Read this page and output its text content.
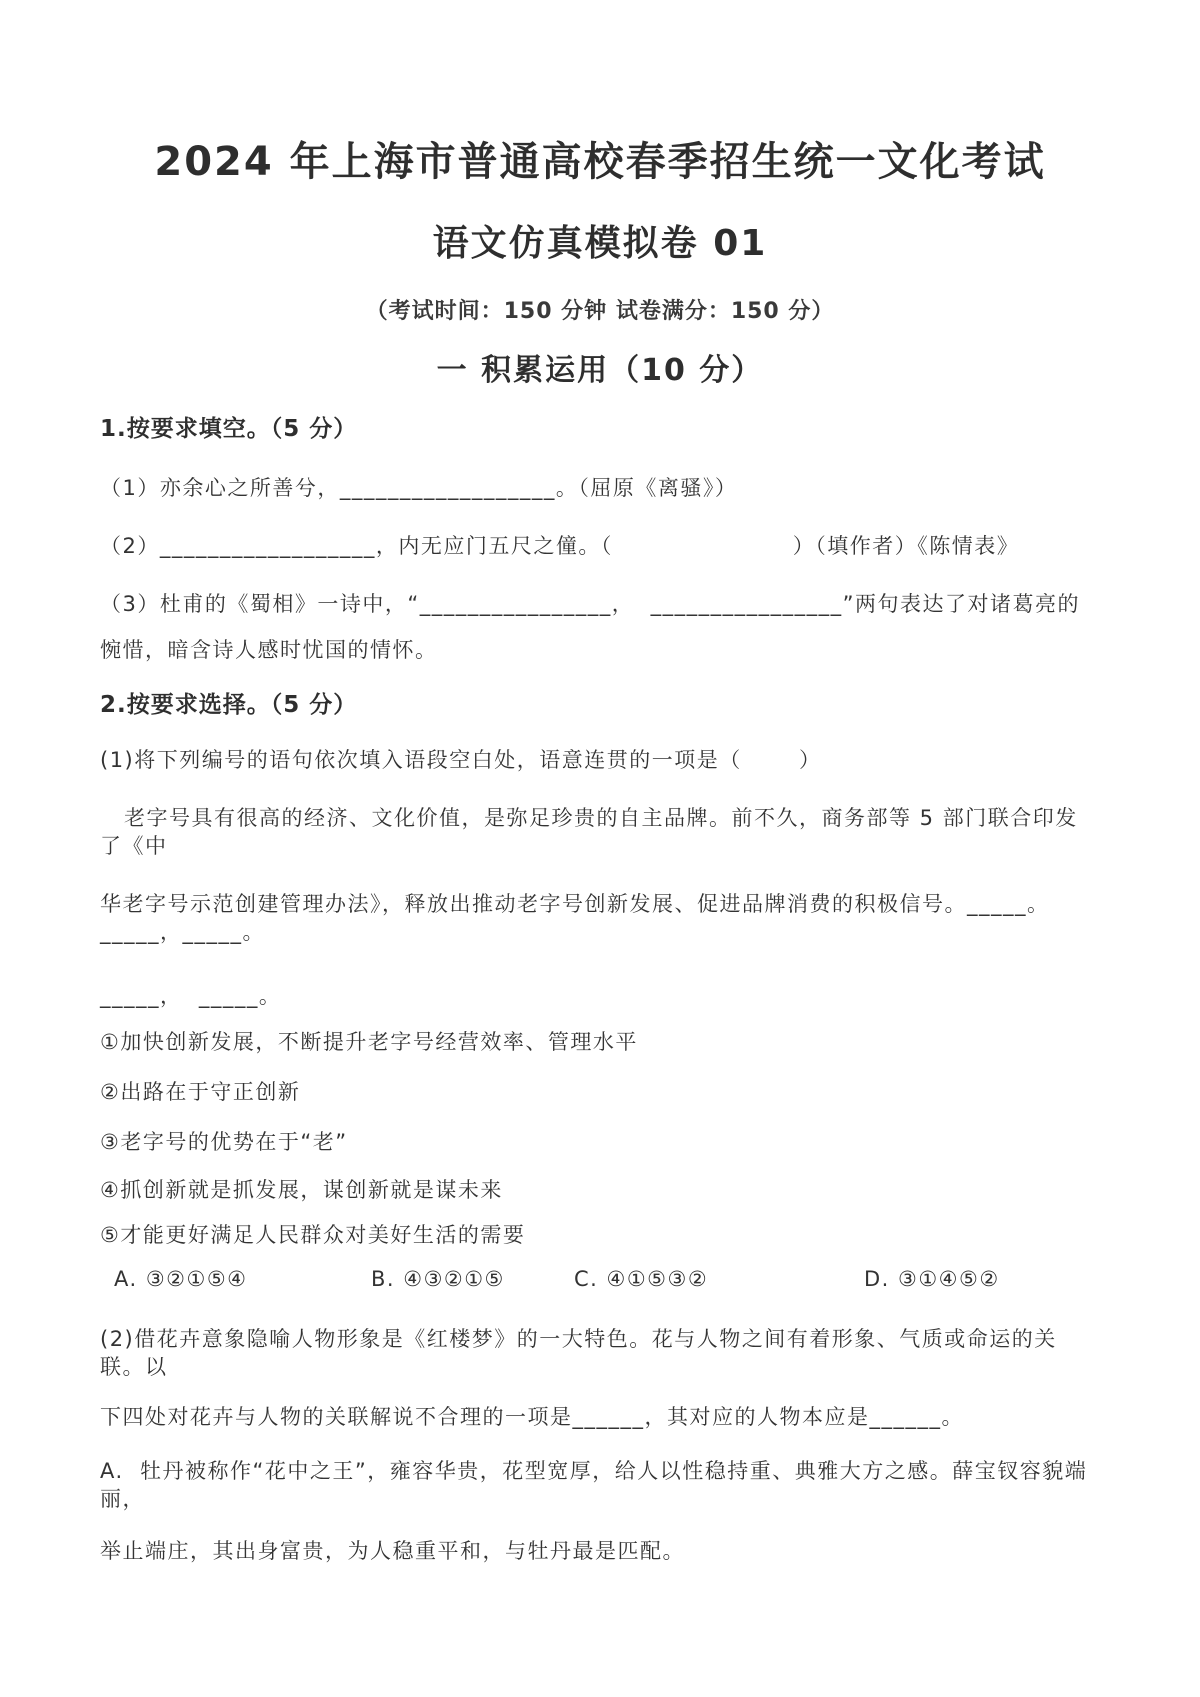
2024 年上海市普通高校春季招生统一文化考试
语文仿真模拟卷 01
（考试时间：150 分钟 试卷满分：150 分）
一 积累运用（10 分）
1.按要求填空。（5 分）
（1）亦余心之所善兮，__________________。（屈原《离骚》）
（2）__________________，内无应门五尺之僮。（                      ）（填作者）《陈情表》
（3）杜甫的《蜀相》一诗中，“________________，  ________________”两句表达了对诸葛亮的
惋惜，暗含诗人感时忧国的情怀。
2.按要求选择。（5 分）
(1)将下列编号的语句依次填入语段空白处，语意连贯的一项是（       ）
老字号具有很高的经济、文化价值，是弥足珍贵的自主品牌。前不久，商务部等 5 部门联合印发了《中
华老字号示范创建管理办法》，释放出推动老字号创新发展、促进品牌消费的积极信号。_____。_____，_____。
_____，  _____。
①加快创新发展，不断提升老字号经营效率、管理水平
②出路在于守正创新
③老字号的优势在于“老”
④抓创新就是抓发展，谋创新就是谋未来
⑤才能更好满足人民群众对美好生活的需要
A. ③②①⑤④	B. ④③②①⑤	C. ④①⑤③②	D. ③①④⑤②
(2)借花卉意象隐喻人物形象是《红楼梦》的一大特色。花与人物之间有着形象、气质或命运的关联。以
下四处对花卉与人物的关联解说不合理的一项是______，其对应的人物本应是______。
A.  牡丹被称作“花中之王”，雍容华贵，花型宽厚，给人以性稳持重、典雅大方之感。薛宝钗容貌端丽，
举止端庄，其出身富贵，为人稳重平和，与牡丹最是匹配。
